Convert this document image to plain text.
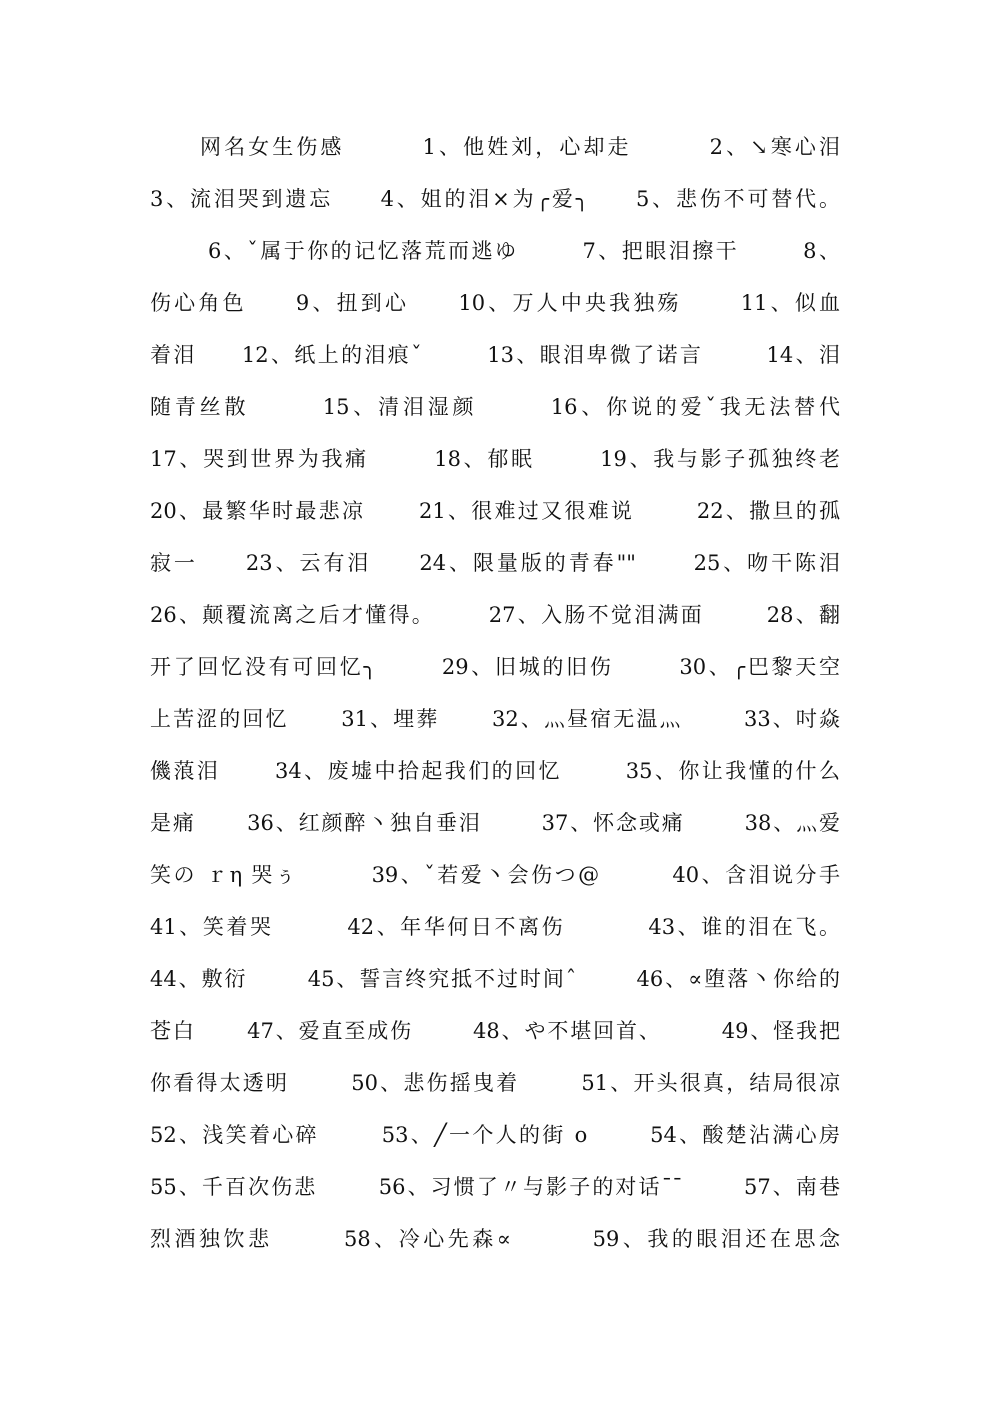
网名女生伤感        1、他姓刘，心却走        2、↘寒心泪
3、流泪哭到遗忘     4、姐的泪×为╭爱╮     5、悲伤不可替代。
6、ˇ属于你的记忆落荒而逃ゆ       7、把眼泪擦干       8、
伤心角色     9、扭到心     10、万人中央我独殇      11、似血
着泪     12、纸上的泪痕ˇ       13、眼泪卑微了诺言       14、泪
随青丝散       15、清泪湿颜       16、你说的爱ˇ我无法替代
17、哭到世界为我痛       18、郁眠       19、我与影子孤独终老
20、最繁华时最悲凉      21、很难过又很难说       22、撒旦的孤
寂一     23、云有泪     24、限量版的青春""      25、吻干陈泪
26、颠覆流离之后才懂得。      27、入肠不觉泪满面       28、翻
开了回忆没有可回忆╮       29、旧城的旧伤       30、╭巴黎天空
上苦涩的回忆      31、埋葬      32、灬昼宿无温灬       33、吋焱
僟蒗泪      34、废墟中拾起我们的回忆       35、你让我懂的什么
是痛      36、红颜醉丶独自垂泪       37、怀念或痛       38、灬爱
笑の ｒη 哭ぅ        39、ˇ若爱丶会伤つ@        40、含泪说分手
41、笑着哭        42、年华何日不离伤         43、谁的泪在飞。
44、敷衍       45、誓言终究抵不过时间ˆ       46、∝堕落丶你给的
苍白      47、爱直至成伤       48、や不堪回首、       49、怪我把
你看得太透明       50、悲伤摇曳着       51、开头很真，结局很凉
52、浅笑着心碎       53、╱一个人的街 ο       54、酸楚沾满心房
55、千百次伤悲       56、习惯了〃与影子的对话ˉˉ       57、南巷
烈酒独饮悲       58、冷心先森∝        59、我的眼泪还在思念
